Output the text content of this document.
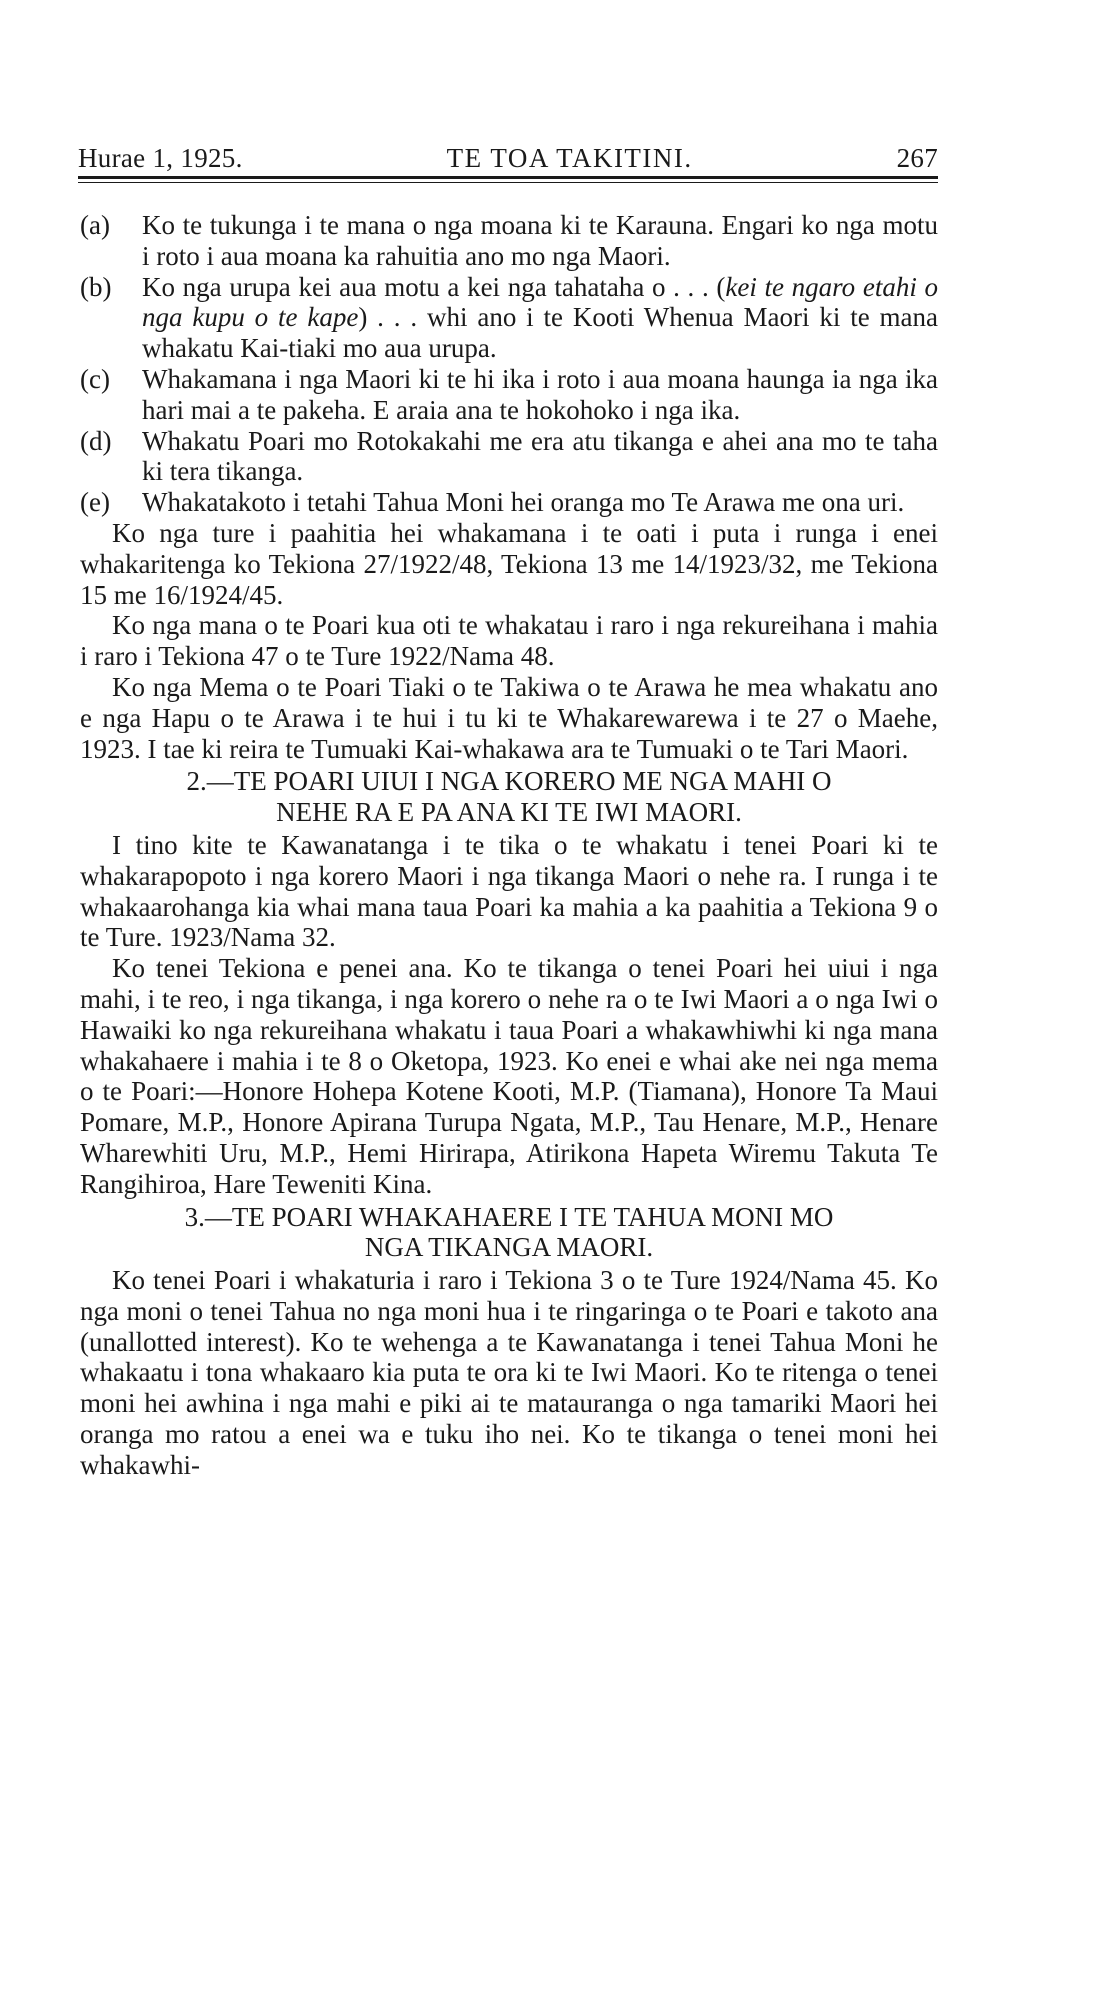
Hurae 1, 1925.	TE TOA TAKITINI.	267
(a)	Ko te tukunga i te mana o nga moana ki te Karauna. Engari ko nga motu i roto i aua moana ka rahuitia ano mo nga Maori.
(b)	Ko nga urupa kei aua motu a kei nga tahataha o . . . (kei te ngaro etahi o nga kupu o te kape) . . . whi ano i te Kooti Whenua Maori ki te mana whakatu Kai-tiaki mo aua urupa.
(c)	Whakamana i nga Maori ki te hi ika i roto i aua moana haunga ia nga ika hari mai a te pakeha. E araia ana te hokohoko i nga ika.
(d)	Whakatu Poari mo Rotokakahi me era atu tikanga e ahei ana mo te taha ki tera tikanga.
(e)	Whakatakoto i tetahi Tahua Moni hei oranga mo Te Arawa me ona uri.

Ko nga ture i paahitia hei whakamana i te oati i puta i runga i enei whakaritenga ko Tekiona 27/1922/48, Tekiona 13 me 14/1923/32, me Tekiona 15 me 16/1924/45.

Ko nga mana o te Poari kua oti te whakatau i raro i nga rekureihana i mahia i raro i Tekiona 47 o te Ture 1922/Nama 48.

Ko nga Mema o te Poari Tiaki o te Takiwa o te Arawa he mea whakatu ano e nga Hapu o te Arawa i te hui i tu ki te Whakarewarewa i te 27 o Maehe, 1923. I tae ki reira te Tumuaki Kai-whakawa ara te Tumuaki o te Tari Maori.

2.—TE POARI UIUI I NGA KORERO ME NGA MAHI O
NEHE RA E PA ANA KI TE IWI MAORI.

I tino kite te Kawanatanga i te tika o te whakatu i tenei Poari ki te whakarapopoto i nga korero Maori i nga tikanga Maori o nehe ra. I runga i te whakaarohanga kia whai mana taua Poari ka mahia a ka paahitia a Tekiona 9 o te Ture. 1923/Nama 32.

Ko tenei Tekiona e penei ana. Ko te tikanga o tenei Poari hei uiui i nga mahi, i te reo, i nga tikanga, i nga korero o nehe ra o te Iwi Maori a o nga Iwi o Hawaiki ko nga rekureihana whakatu i taua Poari a whakawhiwhi ki nga mana whakahaere i mahia i te 8 o Oketopa, 1923. Ko enei e whai ake nei nga mema o te Poari:—Honore Hohepa Kotene Kooti, M.P. (Tiamana), Honore Ta Maui Pomare, M.P., Honore Apirana Turupa Ngata, M.P., Tau Henare, M.P., Henare Wharewhiti Uru, M.P., Hemi Hirirapa, Atirikona Hapeta Wiremu Takuta Te Rangihiroa, Hare Teweniti Kina.

3.—TE POARI WHAKAHAERE I TE TAHUA MONI MO
NGA TIKANGA MAORI.

Ko tenei Poari i whakaturia i raro i Tekiona 3 o te Ture 1924/Nama 45. Ko nga moni o tenei Tahua no nga moni hua i te ringaringa o te Poari e takoto ana (unallotted interest). Ko te wehenga a te Kawanatanga i tenei Tahua Moni he whakaatu i tona whakaaro kia puta te ora ki te Iwi Maori. Ko te ritenga o tenei moni hei awhina i nga mahi e piki ai te matauranga o nga tamariki Maori hei oranga mo ratou a enei wa e tuku iho nei. Ko te tikanga o tenei moni hei whakawhi-
